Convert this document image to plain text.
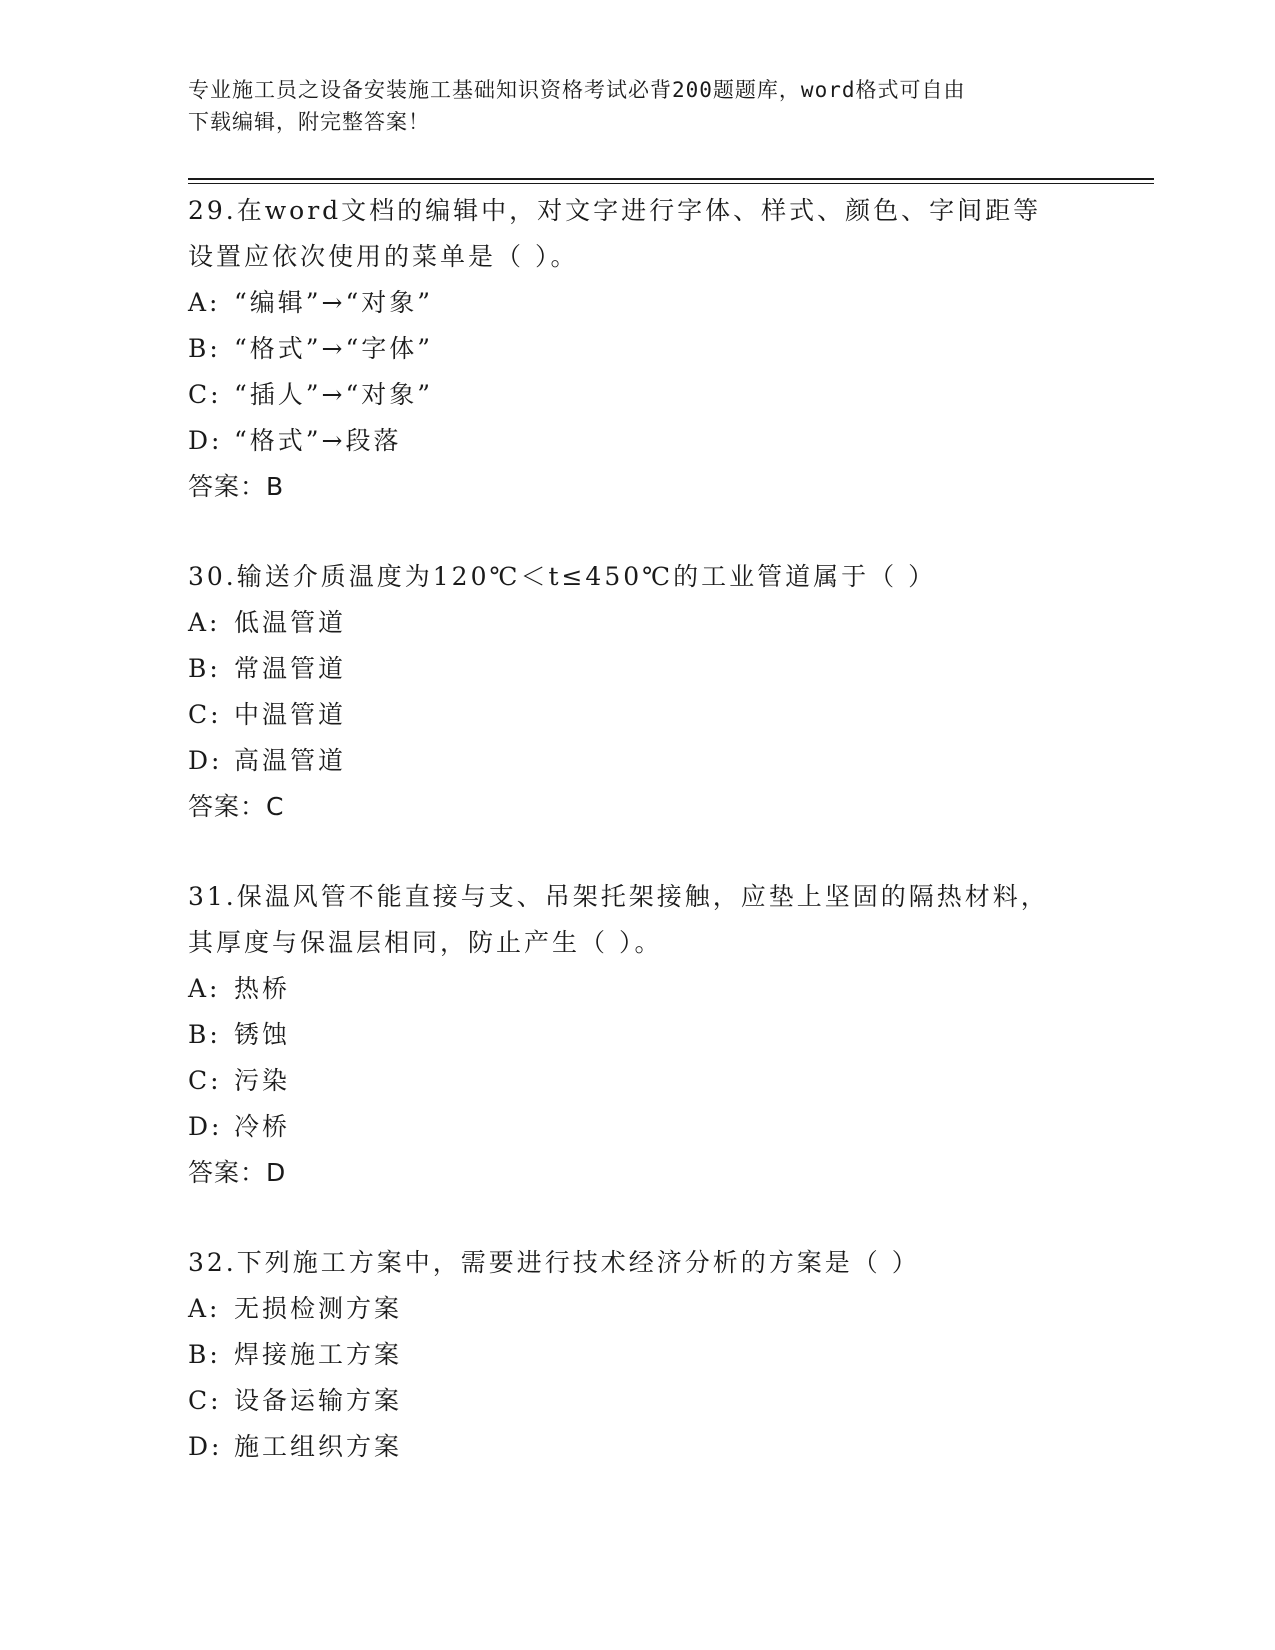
专业施工员之设备安装施工基础知识资格考试必背200题题库，word格式可自由
下载编辑，附完整答案！
29.在word文档的编辑中，对文字进行字体、样式、颜色、字间距等
设置应依次使用的菜单是（ ）。
A: “编辑”→“对象”
B: “格式”→“字体”
C: “插人”→“对象”
D: “格式”→段落
答案：B
30.输送介质温度为120℃＜t≤450℃的工业管道属于（ ）
A: 低温管道
B: 常温管道
C: 中温管道
D: 高温管道
答案：C
31.保温风管不能直接与支、吊架托架接触，应垫上坚固的隔热材料，
其厚度与保温层相同，防止产生（ ）。
A: 热桥
B: 锈蚀
C: 污染
D: 冷桥
答案：D
32.下列施工方案中，需要进行技术经济分析的方案是（ ）
A: 无损检测方案
B: 焊接施工方案
C: 设备运输方案
D: 施工组织方案
